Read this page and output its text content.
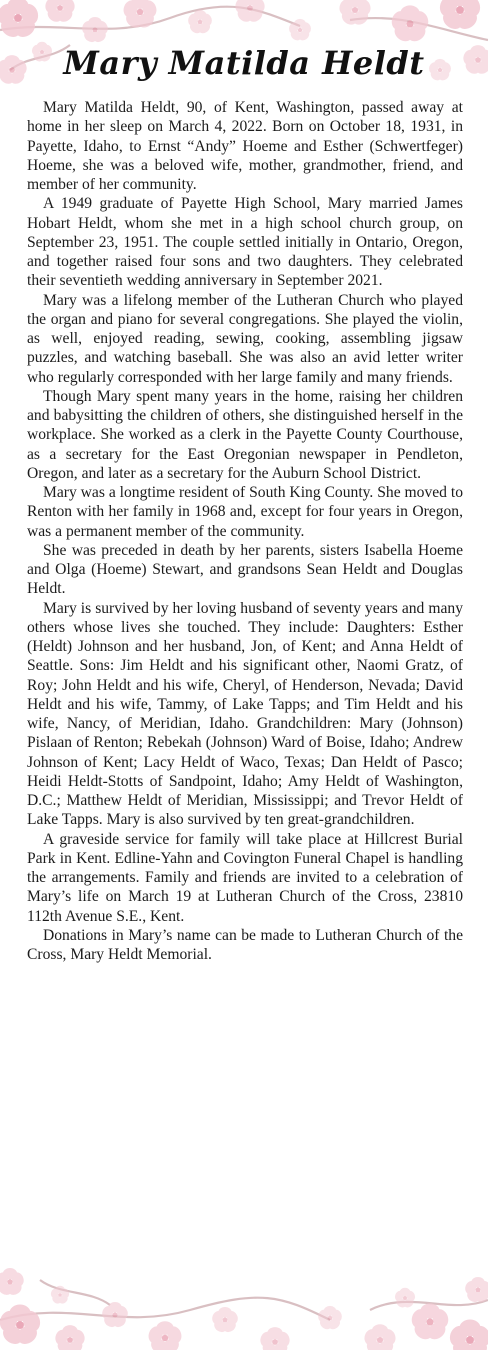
Mary Matilda Heldt

Mary Matilda Heldt, 90, of Kent, Washington, passed away at home in her sleep on March 4, 2022. Born on October 18, 1931, in Payette, Idaho, to Ernst “Andy” Hoeme and Esther (Schwertfeger) Hoeme, she was a beloved wife, mother, grandmother, friend, and member of her community.

A 1949 graduate of Payette High School, Mary married James Hobart Heldt, whom she met in a high school church group, on September 23, 1951. The couple settled initially in Ontario, Oregon, and together raised four sons and two daughters. They celebrated their seventieth wedding anniversary in September 2021.

Mary was a lifelong member of the Lutheran Church who played the organ and piano for several congregations. She played the violin, as well, enjoyed reading, sewing, cooking, assembling jigsaw puzzles, and watching baseball. She was also an avid letter writer who regularly corresponded with her large family and many friends.

Though Mary spent many years in the home, raising her children and babysitting the children of others, she distinguished herself in the workplace. She worked as a clerk in the Payette County Courthouse, as a secretary for the East Oregonian newspaper in Pendleton, Oregon, and later as a secretary for the Auburn School District.

Mary was a longtime resident of South King County. She moved to Renton with her family in 1968 and, except for four years in Oregon, was a permanent member of the community.

She was preceded in death by her parents, sisters Isabella Hoeme and Olga (Hoeme) Stewart, and grandsons Sean Heldt and Douglas Heldt.

Mary is survived by her loving husband of seventy years and many others whose lives she touched. They include: Daughters: Esther (Heldt) Johnson and her husband, Jon, of Kent; and Anna Heldt of Seattle. Sons: Jim Heldt and his significant other, Naomi Gratz, of Roy; John Heldt and his wife, Cheryl, of Henderson, Nevada; David Heldt and his wife, Tammy, of Lake Tapps; and Tim Heldt and his wife, Nancy, of Meridian, Idaho. Grandchildren: Mary (Johnson) Pislaan of Renton; Rebekah (Johnson) Ward of Boise, Idaho; Andrew Johnson of Kent; Lacy Heldt of Waco, Texas; Dan Heldt of Pasco; Heidi Heldt-Stotts of Sandpoint, Idaho; Amy Heldt of Washington, D.C.; Matthew Heldt of Meridian, Mississippi; and Trevor Heldt of Lake Tapps. Mary is also survived by ten great-grandchildren.

A graveside service for family will take place at Hillcrest Burial Park in Kent. Edline-Yahn and Covington Funeral Chapel is handling the arrangements. Family and friends are invited to a celebration of Mary’s life on March 19 at Lutheran Church of the Cross, 23810 112th Avenue S.E., Kent.

Donations in Mary’s name can be made to Lutheran Church of the Cross, Mary Heldt Memorial.
